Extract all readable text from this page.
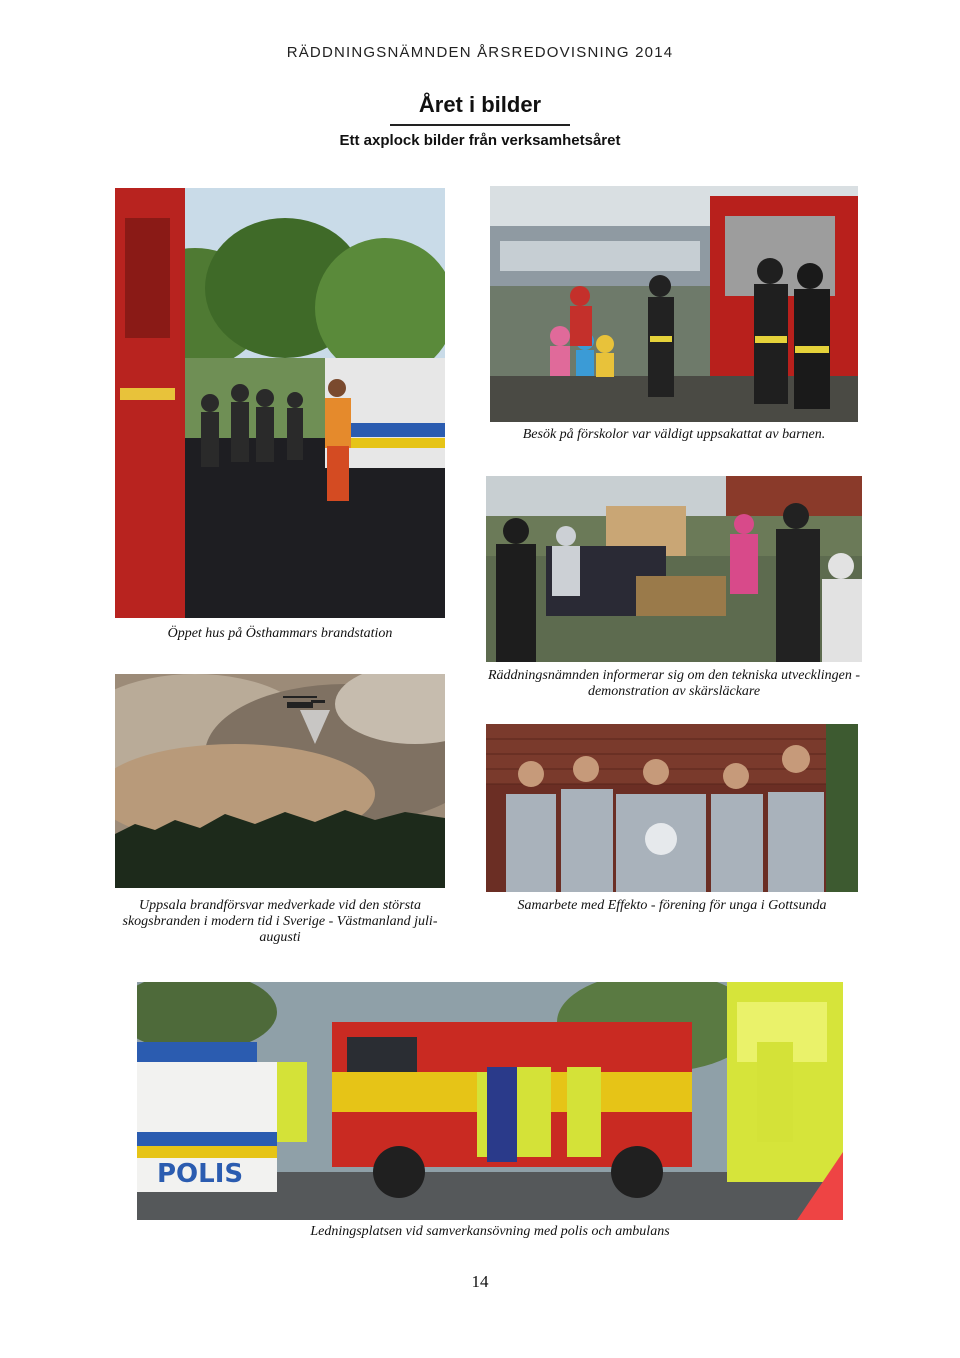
RÄDDNINGSNÄMNDEN ÅRSREDOVISNING 2014
Året i bilder
Ett axplock bilder från verksamhetsåret
Öppet hus på Östhammars brandstation
Besök på förskolor var väldigt uppsakattat av barnen.
Räddningsnämnden informerar sig om den tekniska utvecklingen - demonstration av skärsläckare
Uppsala brandförsvar medverkade vid den största skogsbranden i modern tid i Sverige - Västmanland juli-augusti
Samarbete med Effekto - förening för unga i Gottsunda
POLIS
Ledningsplatsen vid samverkansövning med polis och ambulans
14
